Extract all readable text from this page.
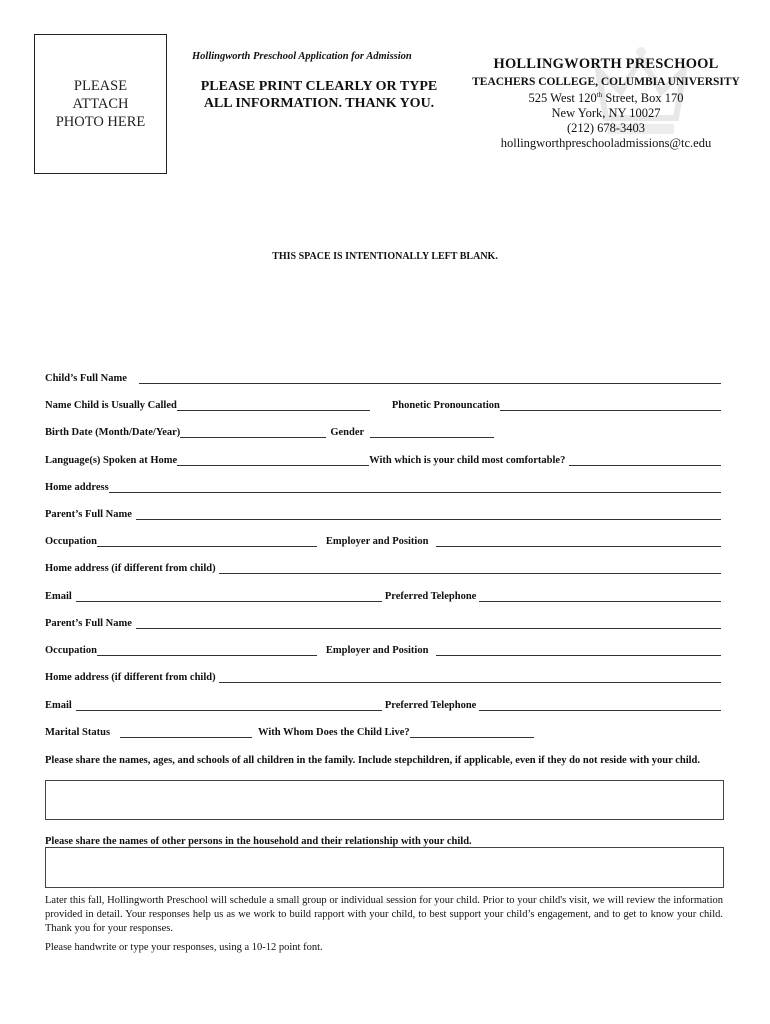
PLEASE
ATTACH
PHOTO HERE
Hollingworth Preschool Application for Admission
PLEASE PRINT CLEARLY OR TYPE ALL INFORMATION. THANK YOU.
HOLLINGWORTH PRESCHOOL
TEACHERS COLLEGE, COLUMBIA UNIVERSITY
525 West 120th Street, Box 170
New York, NY 10027
(212) 678-3403
hollingworthpreschooladmissions@tc.edu
THIS SPACE IS INTENTIONALLY LEFT BLANK.
Child’s Full Name
Name Child is Usually Called	Phonetic Pronouncation
Birth Date (Month/Date/Year)	Gender
Language(s) Spoken at Home	With which is your child most comfortable?
Home address
Parent’s Full Name
Occupation	Employer and Position
Home address (if different from child)
Email	Preferred Telephone
Parent’s Full Name
Occupation	Employer and Position
Home address (if different from child)
Email	Preferred Telephone
Marital Status	With Whom Does the Child Live?
Please share the names, ages, and schools of all children in the family. Include stepchildren, if applicable, even if they do not reside with your child.
Please share the names of other persons in the household and their relationship with your child.
Later this fall, Hollingworth Preschool will schedule a small group or individual session for your child. Prior to your child's visit, we will review the information provided in detail. Your responses help us as we work to build rapport with your child, to best support your child’s engagement, and to get to know your child. Thank you for your responses.
Please handwrite or type your responses, using a 10-12 point font.
